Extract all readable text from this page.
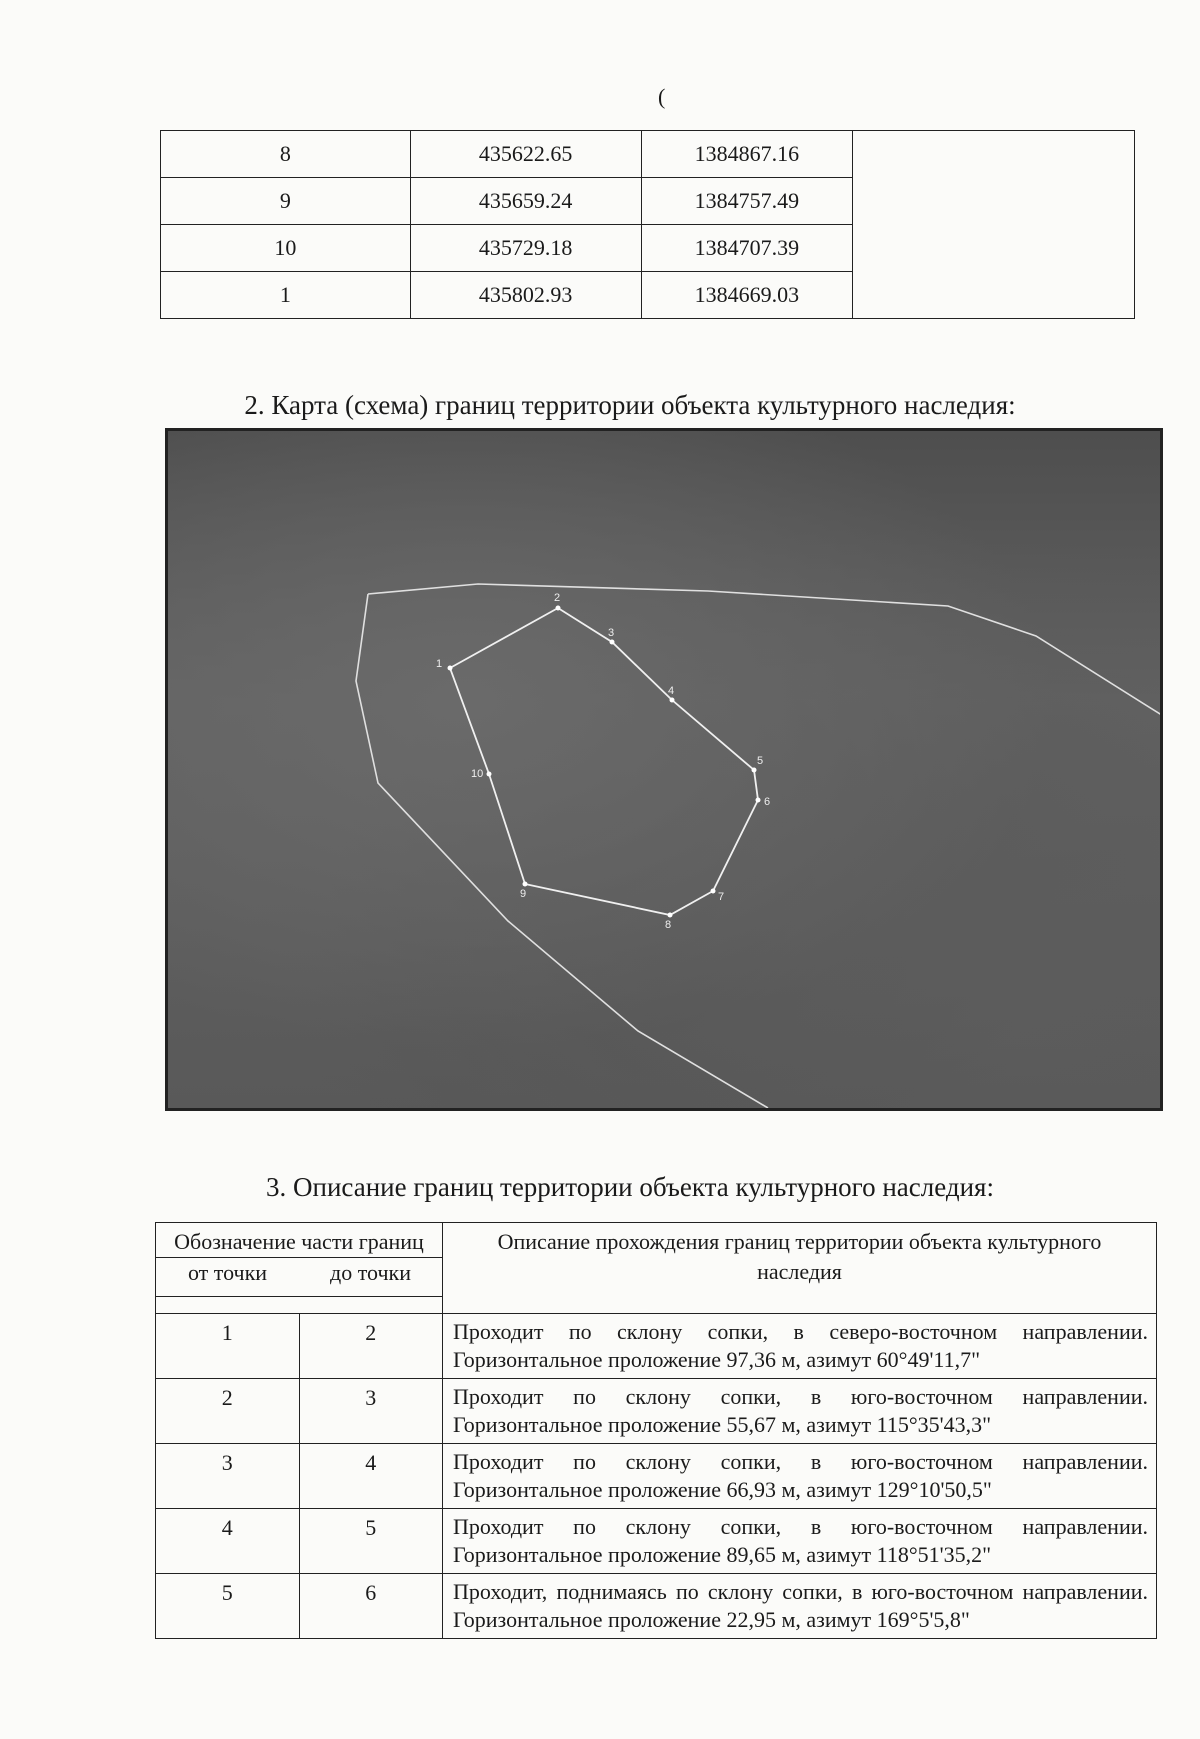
(
8	435622.65	1384867.16	
9	435659.24	1384757.49	
10	435729.18	1384707.39	
1	435802.93	1384669.03	
2. Карта (схема) границ территории объекта культурного наследия:
1
2
3
4
5
6
7
8
9
10
3. Описание границ территории объекта культурного наследия:
Обозначение части границ		Описание прохождения границ территории объекта культурного наследия
от точки	до точки	

1	2	Проходит по склону сопки, в северо-восточном направлении. Горизонтальное проложение 97,36 м, азимут 60°49'11,7"
2	3	Проходит по склону сопки, в юго-восточном направлении. Горизонтальное проложение 55,67 м, азимут 115°35'43,3"
3	4	Проходит по склону сопки, в юго-восточном направлении. Горизонтальное проложение 66,93 м, азимут 129°10'50,5"
4	5	Проходит по склону сопки, в юго-восточном направлении. Горизонтальное проложение 89,65 м, азимут 118°51'35,2"
5	6	Проходит, поднимаясь по склону сопки, в юго-восточном направлении. Горизонтальное проложение 22,95 м, азимут 169°5'5,8"
